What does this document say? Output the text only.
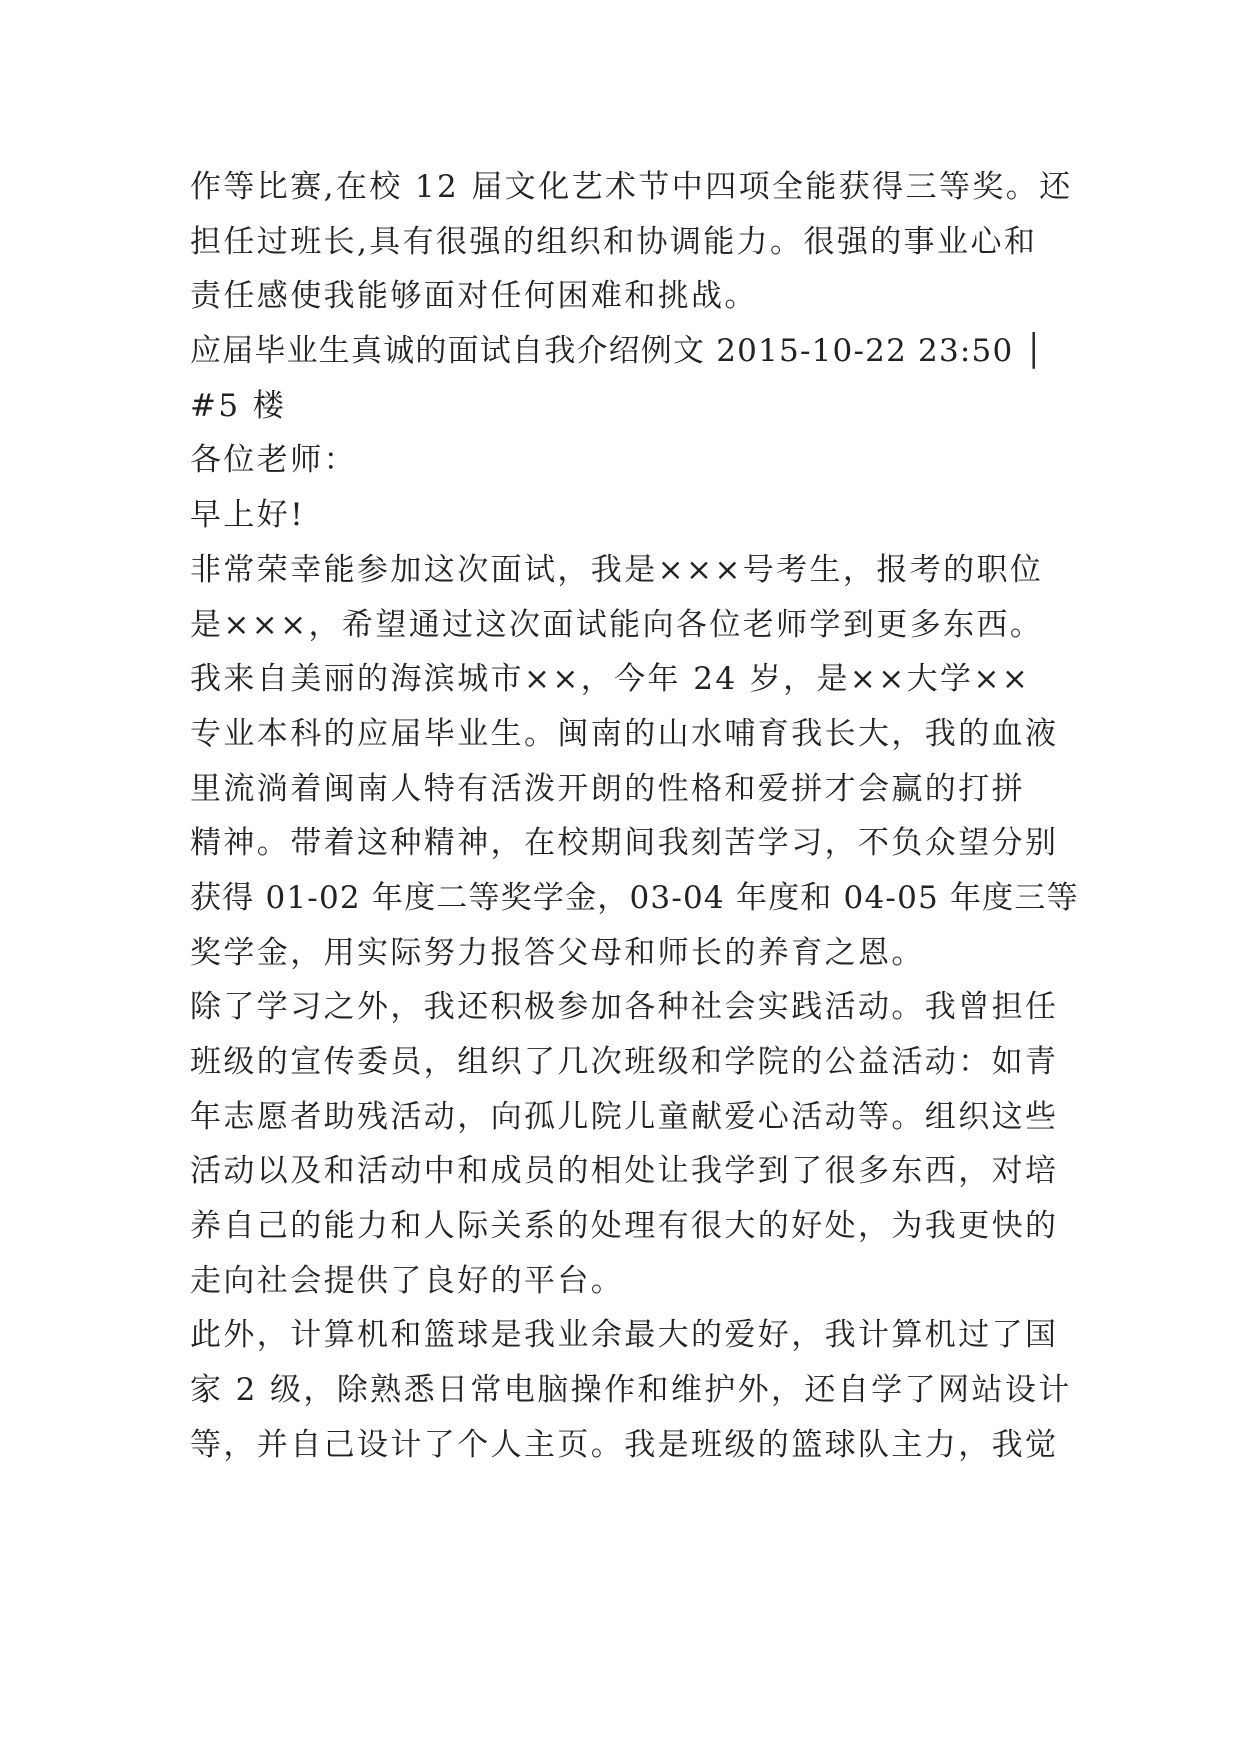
作等比赛,在校 12 届文化艺术节中四项全能获得三等奖。还
担任过班长,具有很强的组织和协调能力。很强的事业心和
责任感使我能够面对任何困难和挑战。
应届毕业生真诚的面试自我介绍例文 2015-10-22 23:50 │
#5 楼
各位老师：
早上好!
非常荣幸能参加这次面试，我是×××号考生，报考的职位
是×××，希望通过这次面试能向各位老师学到更多东西。
我来自美丽的海滨城市××，今年 24 岁，是××大学××
专业本科的应届毕业生。闽南的山水哺育我长大，我的血液
里流淌着闽南人特有活泼开朗的性格和爱拼才会赢的打拼
精神。带着这种精神，在校期间我刻苦学习，不负众望分别
获得 01-02 年度二等奖学金，03-04 年度和 04-05 年度三等
奖学金，用实际努力报答父母和师长的养育之恩。
除了学习之外，我还积极参加各种社会实践活动。我曾担任
班级的宣传委员，组织了几次班级和学院的公益活动：如青
年志愿者助残活动，向孤儿院儿童献爱心活动等。组织这些
活动以及和活动中和成员的相处让我学到了很多东西，对培
养自己的能力和人际关系的处理有很大的好处，为我更快的
走向社会提供了良好的平台。
此外，计算机和篮球是我业余最大的爱好，我计算机过了国
家 2 级，除熟悉日常电脑操作和维护外，还自学了网站设计
等，并自己设计了个人主页。我是班级的篮球队主力，我觉
